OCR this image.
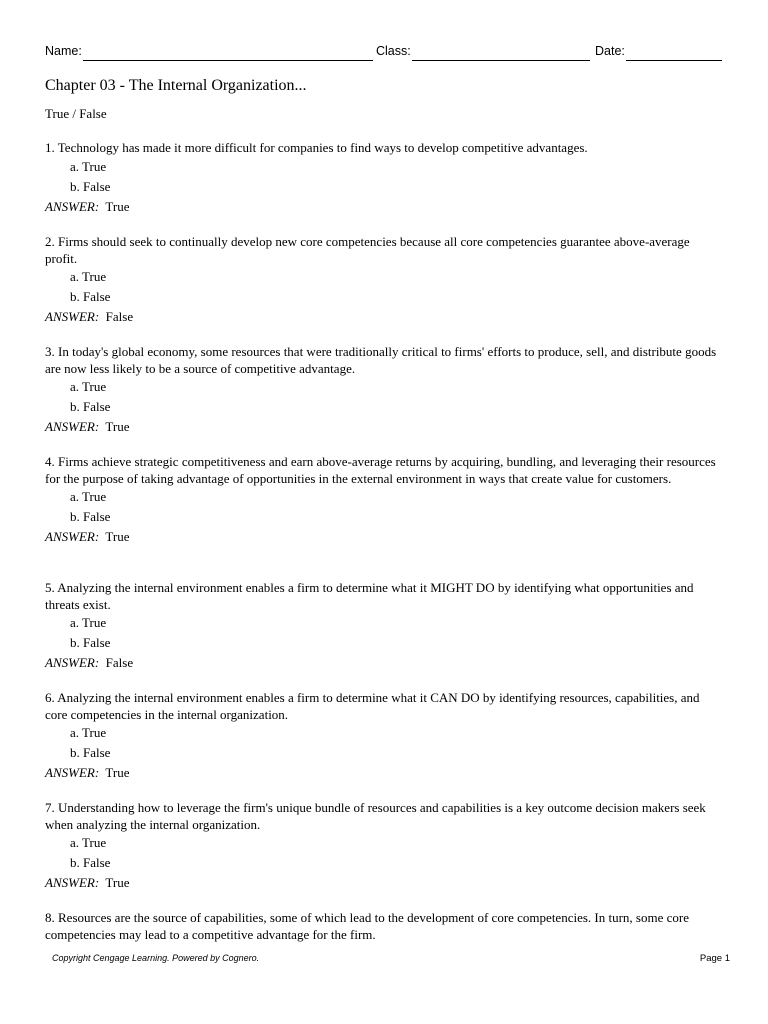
Name:	Class:	Date:
Chapter 03 - The Internal Organization...
True / False
1. Technology has made it more difficult for companies to find ways to develop competitive advantages.
a. True
b. False
ANSWER: True
2. Firms should seek to continually develop new core competencies because all core competencies guarantee above-average profit.
a. True
b. False
ANSWER: False
3. In today's global economy, some resources that were traditionally critical to firms' efforts to produce, sell, and distribute goods are now less likely to be a source of competitive advantage.
a. True
b. False
ANSWER: True
4. Firms achieve strategic competitiveness and earn above-average returns by acquiring, bundling, and leveraging their resources for the purpose of taking advantage of opportunities in the external environment in ways that create value for customers.
a. True
b. False
ANSWER: True
5. Analyzing the internal environment enables a firm to determine what it MIGHT DO by identifying what opportunities and threats exist.
a. True
b. False
ANSWER: False
6. Analyzing the internal environment enables a firm to determine what it CAN DO by identifying resources, capabilities, and core competencies in the internal organization.
a. True
b. False
ANSWER: True
7. Understanding how to leverage the firm's unique bundle of resources and capabilities is a key outcome decision makers seek when analyzing the internal organization.
a. True
b. False
ANSWER: True
8. Resources are the source of capabilities, some of which lead to the development of core competencies. In turn, some core competencies may lead to a competitive advantage for the firm.
Copyright Cengage Learning. Powered by Cognero.	Page 1
